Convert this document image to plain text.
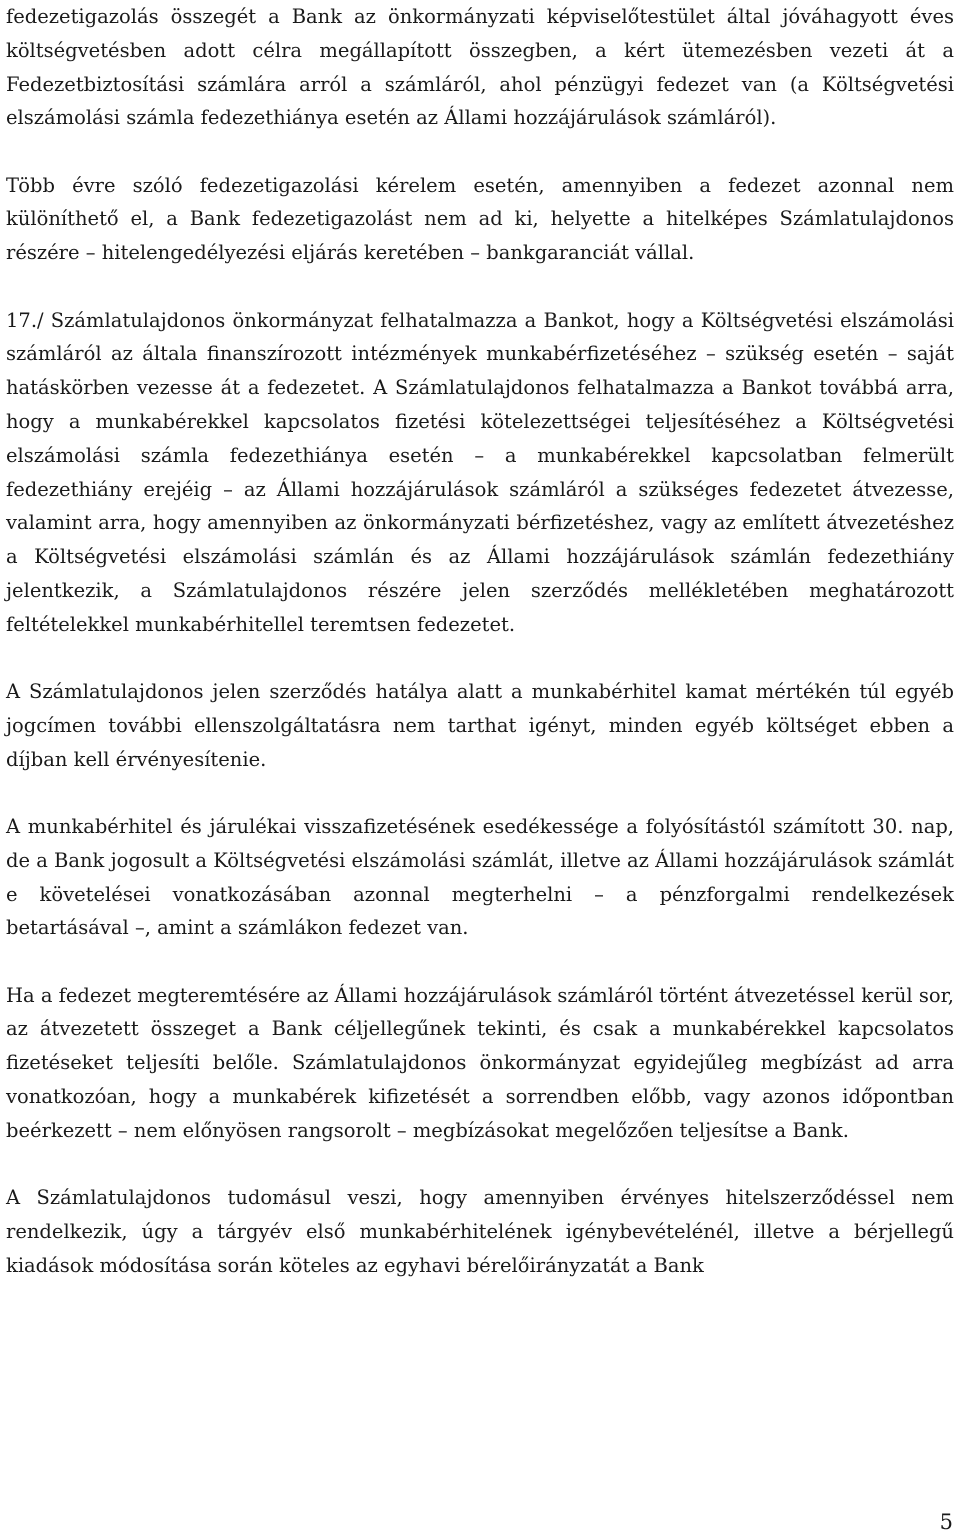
fedezetigazolás összegét a Bank az önkormányzati képviselőtestület által jóváhagyott éves költségvetésben adott célra megállapított összegben, a kért ütemezésben vezeti át a Fedezetbiztosítási számlára arról a számláról, ahol pénzügyi fedezet van (a Költségvetési elszámolási számla fedezethiánya esetén az Állami hozzájárulások számláról).

Több évre szóló fedezetigazolási kérelem esetén, amennyiben a fedezet azonnal nem különíthető el, a Bank fedezetigazolást nem ad ki, helyette a hitelképes Számlatulajdonos részére – hitelengedélyezési eljárás keretében – bankgaranciát vállal.

17./ Számlatulajdonos önkormányzat felhatalmazza a Bankot, hogy a Költségvetési elszámolási számláról az általa finanszírozott intézmények munkabérfizetéséhez – szükség esetén – saját hatáskörben vezesse át a fedezetet. A Számlatulajdonos felhatalmazza a Bankot továbbá arra, hogy a munkabérekkel kapcsolatos fizetési kötelezettségei teljesítéséhez a Költségvetési elszámolási számla fedezethiánya esetén – a munkabérekkel kapcsolatban felmerült fedezethiány erejéig – az Állami hozzájárulások számláról a szükséges fedezetet átvezesse, valamint arra, hogy amennyiben az önkormányzati bérfizetéshez, vagy az említett átvezetéshez a Költségvetési elszámolási számlán és az Állami hozzájárulások számlán fedezethiány jelentkezik, a Számlatulajdonos részére jelen szerződés mellékletében meghatározott feltételekkel munkabérhitellel teremtsen fedezetet.

A Számlatulajdonos jelen szerződés hatálya alatt a munkabérhitel kamat mértékén túl egyéb jogcímen további ellenszolgáltatásra nem tarthat igényt, minden egyéb költséget ebben a díjban kell érvényesítenie.

A munkabérhitel és járulékai visszafizetésének esedékessége a folyósítástól számított 30. nap, de a Bank jogosult a Költségvetési elszámolási számlát, illetve az Állami hozzájárulások számlát e követelései vonatkozásában azonnal megterhelni – a pénzforgalmi rendelkezések betartásával –, amint a számlákon fedezet van.

Ha a fedezet megteremtésére az Állami hozzájárulások számláról történt átvezetéssel kerül sor, az átvezetett összeget a Bank céljellegűnek tekinti, és csak a munkabérekkel kapcsolatos fizetéseket teljesíti belőle. Számlatulajdonos önkormányzat egyidejűleg megbízást ad arra vonatkozóan, hogy a munkabérek kifizetését a sorrendben előbb, vagy azonos időpontban beérkezett – nem előnyösen rangsorolt – megbízásokat megelőzően teljesítse a Bank.

A Számlatulajdonos tudomásul veszi, hogy amennyiben érvényes hitelszerződéssel nem rendelkezik, úgy a tárgyév első munkabérhitelének igénybevételénél, illetve a bérjellegű kiadások módosítása során köteles az egyhavi bérelőirányzatát a Bank

5
